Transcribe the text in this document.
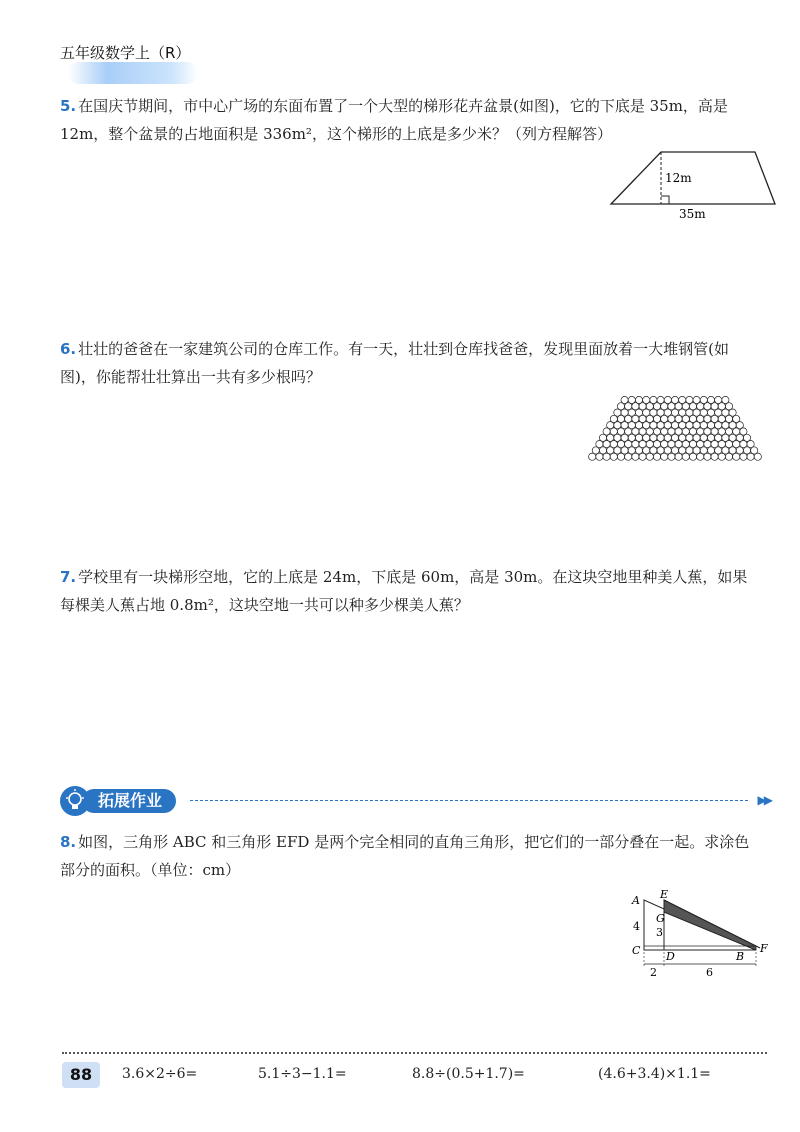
五年级数学上（R）
5. 在国庆节期间，市中心广场的东面布置了一个大型的梯形花卉盆景(如图)，它的下底是 35m，高是 12m，整个盆景的占地面积是 336m²，这个梯形的上底是多少米？（列方程解答）
12m
35m
6. 壮壮的爸爸在一家建筑公司的仓库工作。有一天，壮壮到仓库找爸爸，发现里面放着一大堆钢管(如图)，你能帮壮壮算出一共有多少根吗？
7. 学校里有一块梯形空地，它的上底是 24m，下底是 60m，高是 30m。在这块空地里种美人蕉，如果每棵美人蕉占地 0.8m²，这块空地一共可以种多少棵美人蕉？
拓展作业	▶▶
8. 如图，三角形 ABC 和三角形 EFD 是两个完全相同的直角三角形，把它们的一部分叠在一起。求涂色部分的面积。（单位：cm）
A E
G
4 3
C D	B
F
2	6
88	3.6×2÷6=	5.1÷3−1.1=	8.8÷(0.5+1.7)=	(4.6+3.4)×1.1=
